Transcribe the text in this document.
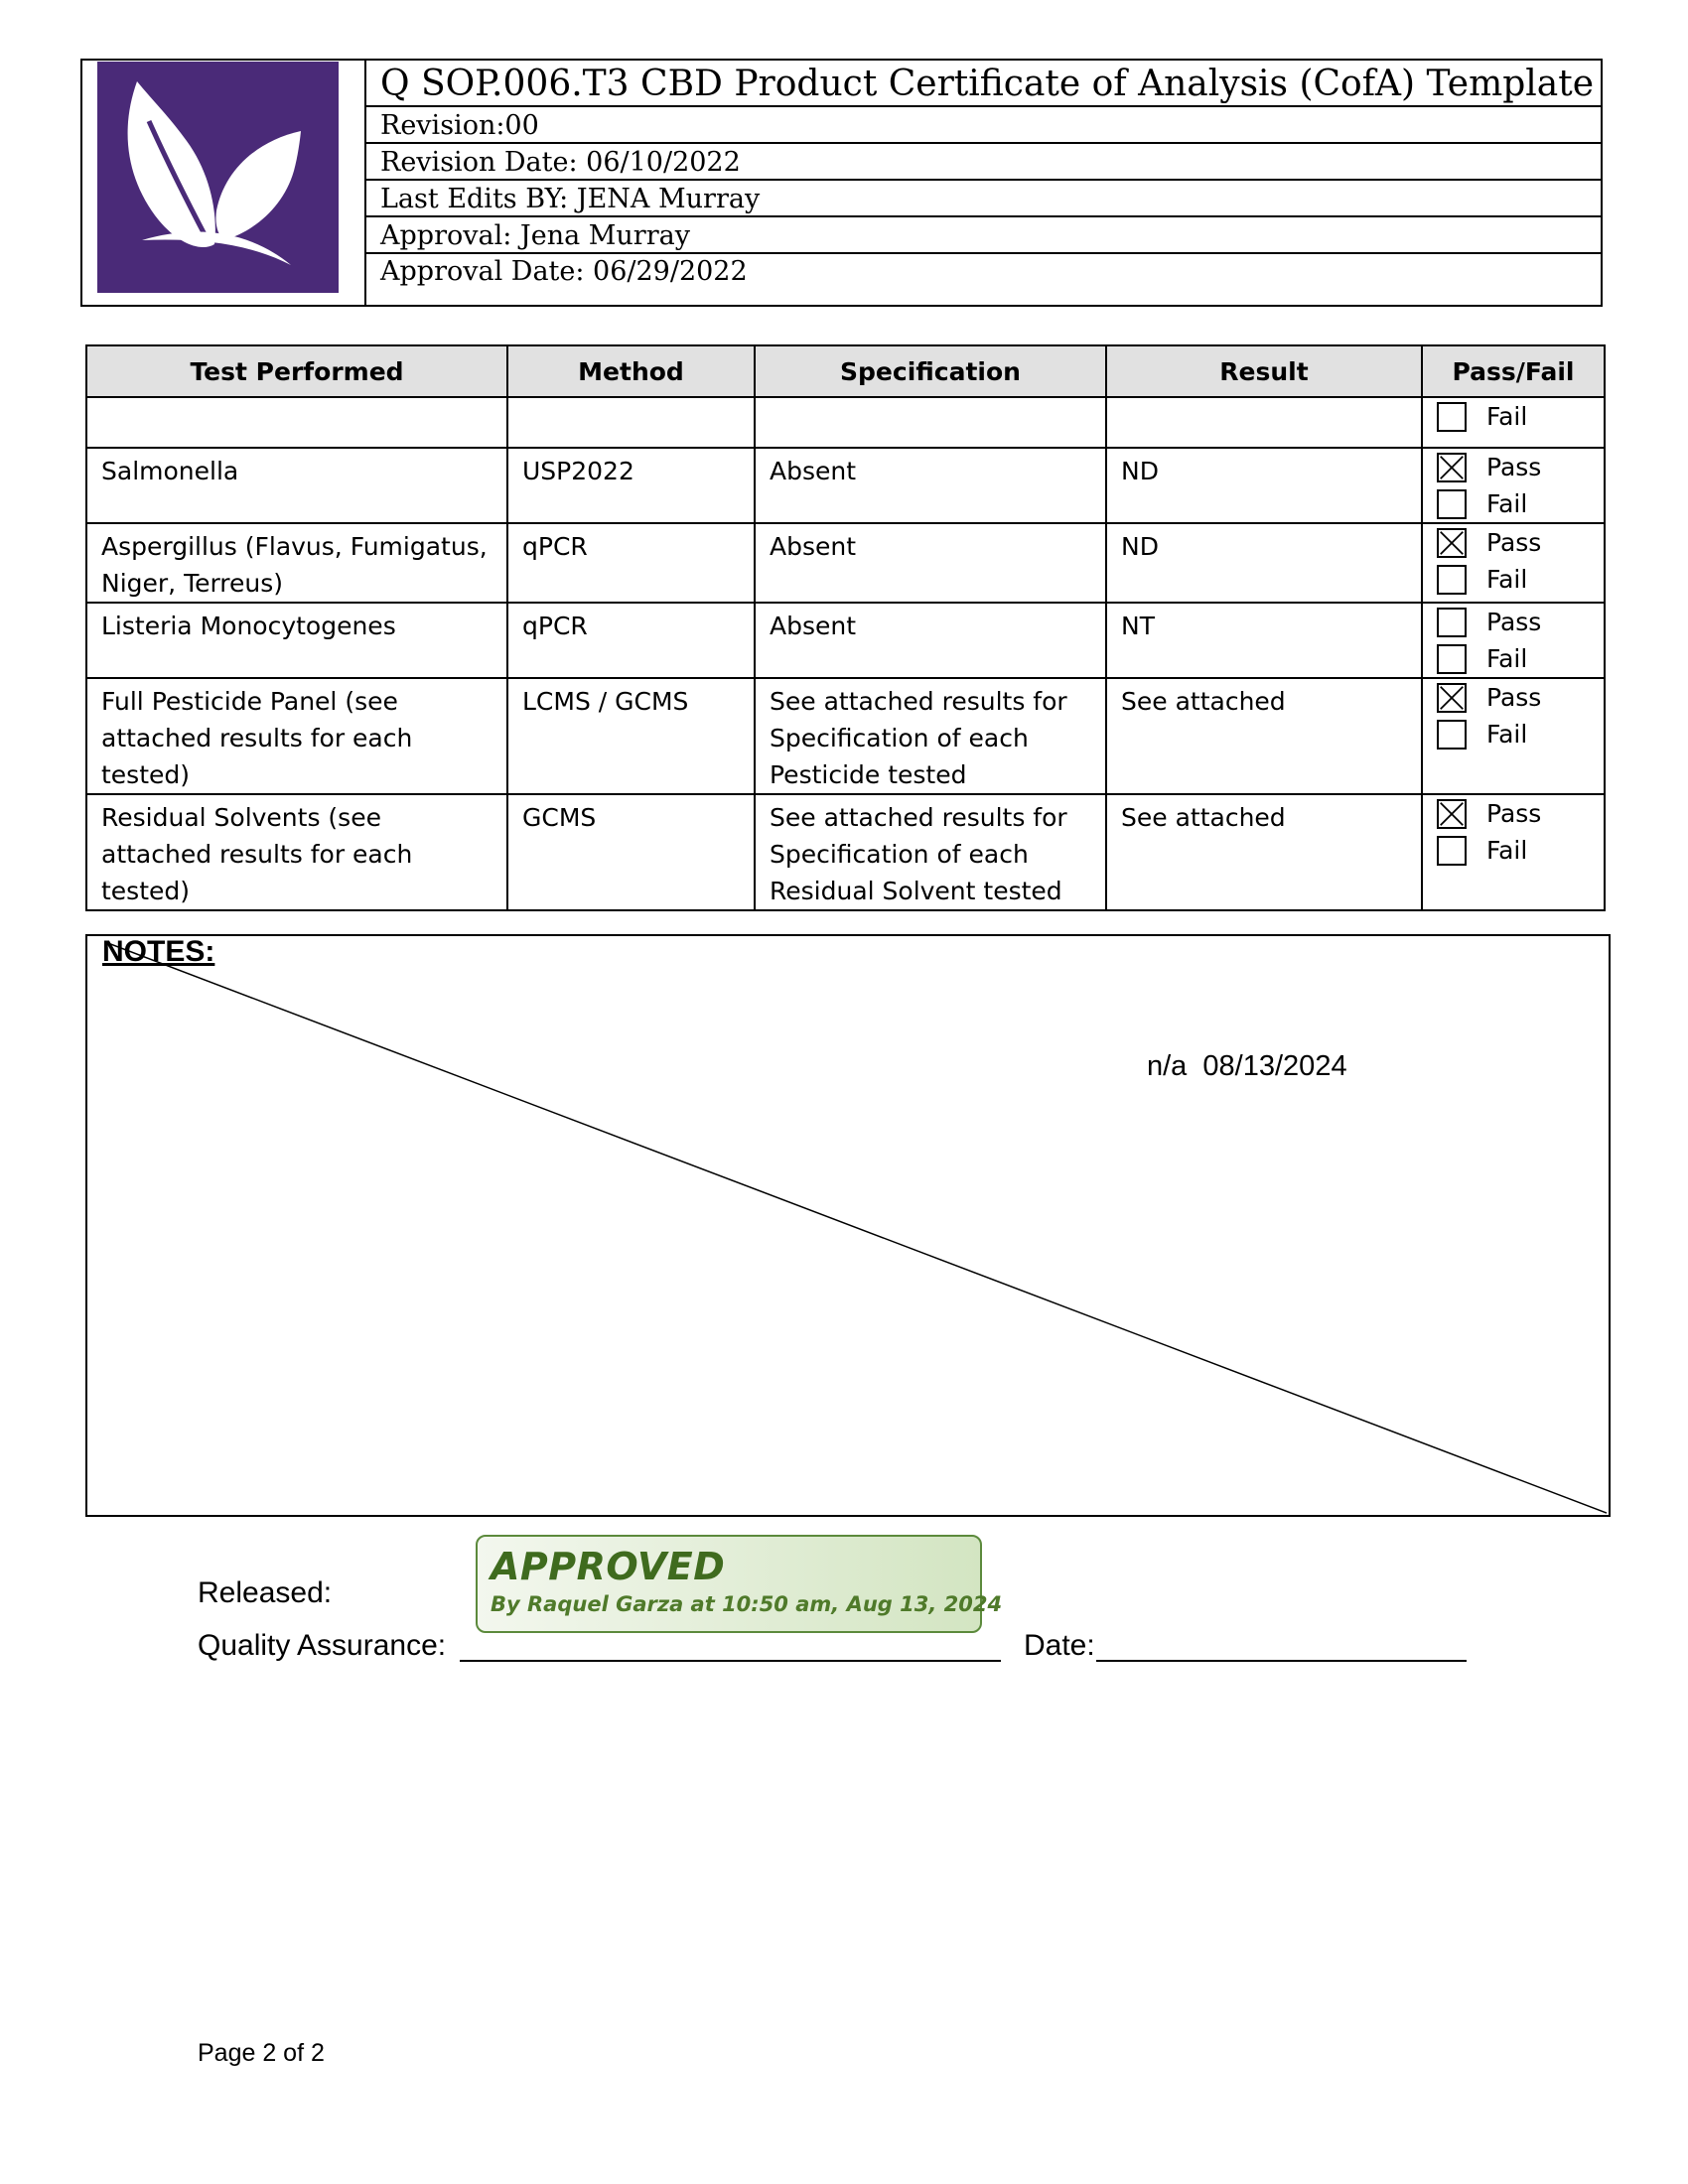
Q SOP.006.T3 CBD Product Certificate of Analysis (CofA) Template
Revision:00
Revision Date: 06/10/2022
Last Edits BY: JENA Murray
Approval: Jena Murray
Approval Date: 06/29/2022
Test Performed	Method	Specification	Result	Pass/Fail

				Fail

Salmonella	USP2022	Absent	ND	Pass
Fail

Aspergillus (Flavus, Fumigatus, Niger, Terreus)	qPCR	Absent	ND	Pass
Fail

Listeria Monocytogenes	qPCR	Absent	NT	Pass
Fail

Full Pesticide Panel (see attached results for each tested)	LCMS / GCMS	See attached results for Specification of each Pesticide tested	See attached	Pass
Fail

Residual Solvents (see attached results for each tested)	GCMS	See attached results for Specification of each Residual Solvent tested	See attached	Pass
Fail
NOTES:
n/a  08/13/2024
Released:
APPROVED
By Raquel Garza at 10:50 am, Aug 13, 2024
Quality Assurance:	Date:
Page 2 of 2
